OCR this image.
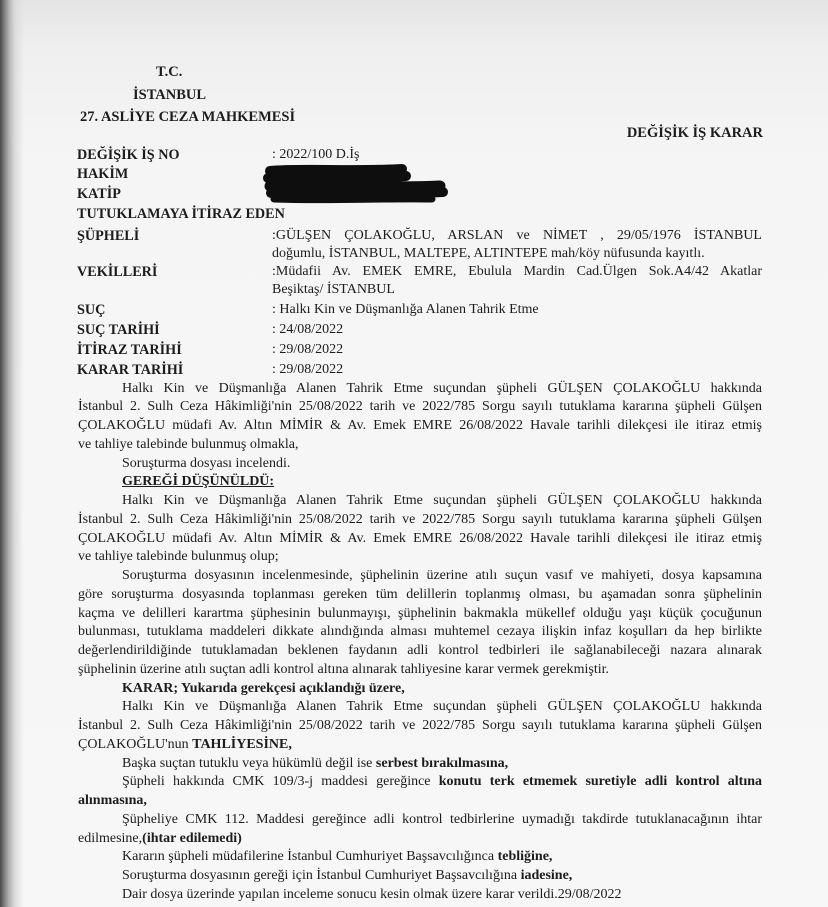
T.C.
İSTANBUL
27. ASLİYE CEZA MAHKEMESİ
DEĞİŞİK İŞ KARAR
DEĞİŞİK İŞ NO	: 2022/100 D.İş
HAKİM
KATİP
TUTUKLAMAYA İTİRAZ EDEN
ŞÜPHELİ	:GÜLŞEN ÇOLAKOĞLU, ARSLAN ve NİMET , 29/05/1976 İSTANBUL
doğumlu, İSTANBUL, MALTEPE, ALTINTEPE mah/köy nüfusunda kayıtlı.
VEKİLLERİ	:Müdafii Av. EMEK EMRE, Ebulula Mardin Cad.Ülgen Sok.A4/42 Akatlar
Beşiktaş/ İSTANBUL
SUÇ	: Halkı Kin ve Düşmanlığa Alanen Tahrik Etme
SUÇ TARİHİ	: 24/08/2022
İTİRAZ TARİHİ	: 29/08/2022
KARAR TARİHİ	: 29/08/2022
Halkı Kin ve Düşmanlığa Alanen Tahrik Etme suçundan şüpheli GÜLŞEN ÇOLAKOĞLU hakkında
İstanbul 2. Sulh Ceza Hâkimliği'nin 25/08/2022 tarih ve 2022/785 Sorgu sayılı tutuklama kararına şüpheli Gülşen
ÇOLAKOĞLU müdafi Av. Altın MİMİR & Av. Emek EMRE 26/08/2022 Havale tarihli dilekçesi ile itiraz etmiş
ve tahliye talebinde bulunmuş olmakla,
Soruşturma dosyası incelendi.
GEREĞİ DÜŞÜNÜLDÜ:
Halkı Kin ve Düşmanlığa Alanen Tahrik Etme suçundan şüpheli GÜLŞEN ÇOLAKOĞLU hakkında
İstanbul 2. Sulh Ceza Hâkimliği'nin 25/08/2022 tarih ve 2022/785 Sorgu sayılı tutuklama kararına şüpheli Gülşen
ÇOLAKOĞLU müdafi Av. Altın MİMİR & Av. Emek EMRE 26/08/2022 Havale tarihli dilekçesi ile itiraz etmiş
ve tahliye talebinde bulunmuş olup;
Soruşturma dosyasının incelenmesinde, şüphelinin üzerine atılı suçun vasıf ve mahiyeti, dosya kapsamına
göre soruşturma dosyasında toplanması gereken tüm delillerin toplanmış olması, bu aşamadan sonra şüphelinin
kaçma ve delilleri karartma şüphesinin bulunmayışı, şüphelinin bakmakla mükellef olduğu yaşı küçük çocuğunun
bulunması, tutuklama maddeleri dikkate alındığında alması muhtemel cezaya ilişkin infaz koşulları da hep birlikte
değerlendirildiğinde tutuklamadan beklenen faydanın adli kontrol tedbirleri ile sağlanabileceği nazara alınarak
şüphelinin üzerine atılı suçtan adli kontrol altına alınarak tahliyesine karar vermek gerekmiştir.
KARAR; Yukarıda gerekçesi açıklandığı üzere,
Halkı Kin ve Düşmanlığa Alanen Tahrik Etme suçundan şüpheli GÜLŞEN ÇOLAKOĞLU hakkında
İstanbul 2. Sulh Ceza Hâkimliği'nin 25/08/2022 tarih ve 2022/785 Sorgu sayılı tutuklama kararına şüpheli Gülşen
ÇOLAKOĞLU'nun TAHLİYESİNE,
Başka suçtan tutuklu veya hükümlü değil ise serbest bırakılmasına,
Şüpheli hakkında CMK 109/3-j maddesi gereğince konutu terk etmemek suretiyle adli kontrol altına
alınmasına,
Şüpheliye CMK 112. Maddesi gereğince adli kontrol tedbirlerine uymadığı takdirde tutuklanacağının ihtar
edilmesine,(ihtar edilemedi)
Kararın şüpheli müdafilerine İstanbul Cumhuriyet Başsavcılığınca tebliğine,
Soruşturma dosyasının gereği için İstanbul Cumhuriyet Başsavcılığına iadesine,
Dair dosya üzerinde yapılan inceleme sonucu kesin olmak üzere karar verildi.29/08/2022
